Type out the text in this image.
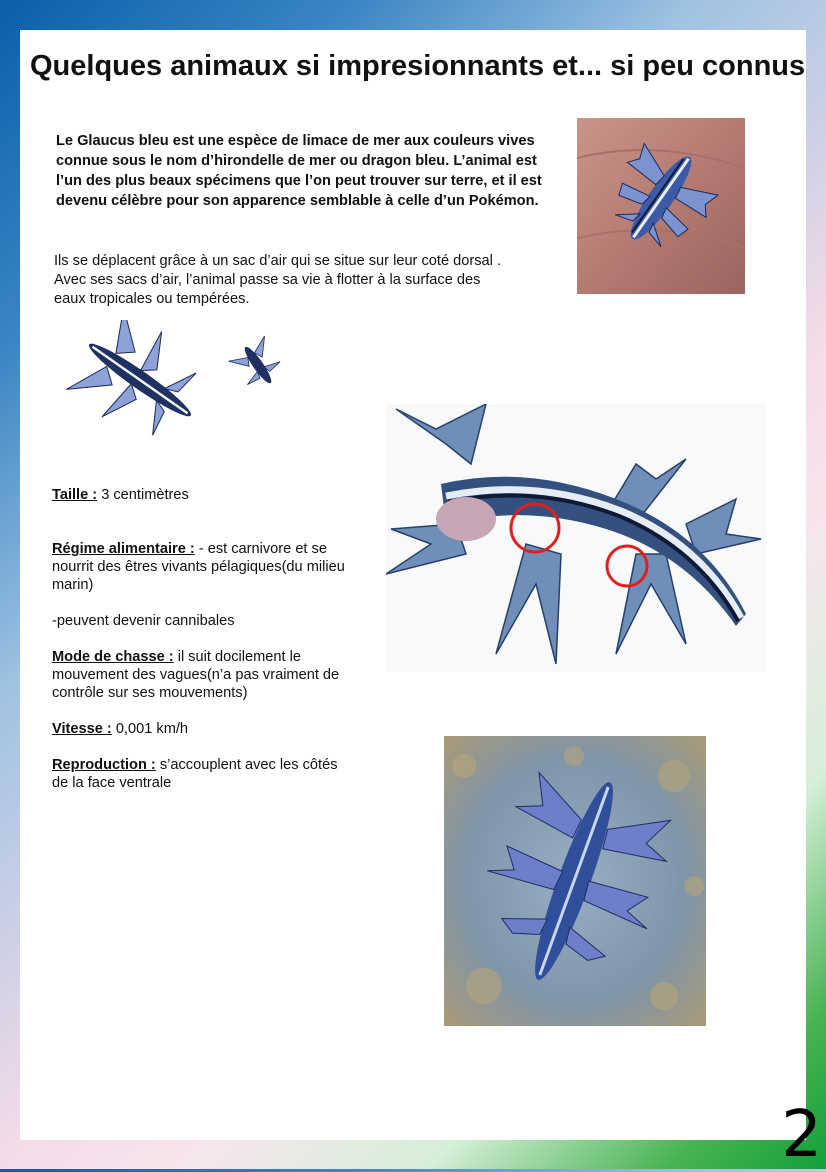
Quelques animaux si impresionnants et... si peu connus
Le Glaucus bleu est une espèce de limace de mer aux couleurs vives connue sous le nom d’hirondelle de mer ou dragon bleu. L’animal est l’un des plus beaux spécimens que l’on peut trouver sur terre, et il est devenu célèbre pour son apparence semblable à celle d’un Pokémon.
Ils se déplacent grâce à un sac d’air qui se situe sur leur coté dorsal . Avec ses sacs d’air, l’animal passe sa vie à flotter à la surface des eaux tropicales ou tempérées.

Taille : 3 centimètres

Régime alimentaire : - est carnivore et se nourrit des êtres vivants pélagiques(du milieu marin)

-peuvent devenir cannibales

Mode de chasse : il suit docilement le mouvement des vagues(n’a pas vraiment de contrôle sur ses mouvements)

Vitesse : 0,001 km/h

Reproduction : s’accouplent avec les côtés de la face ventrale

2
